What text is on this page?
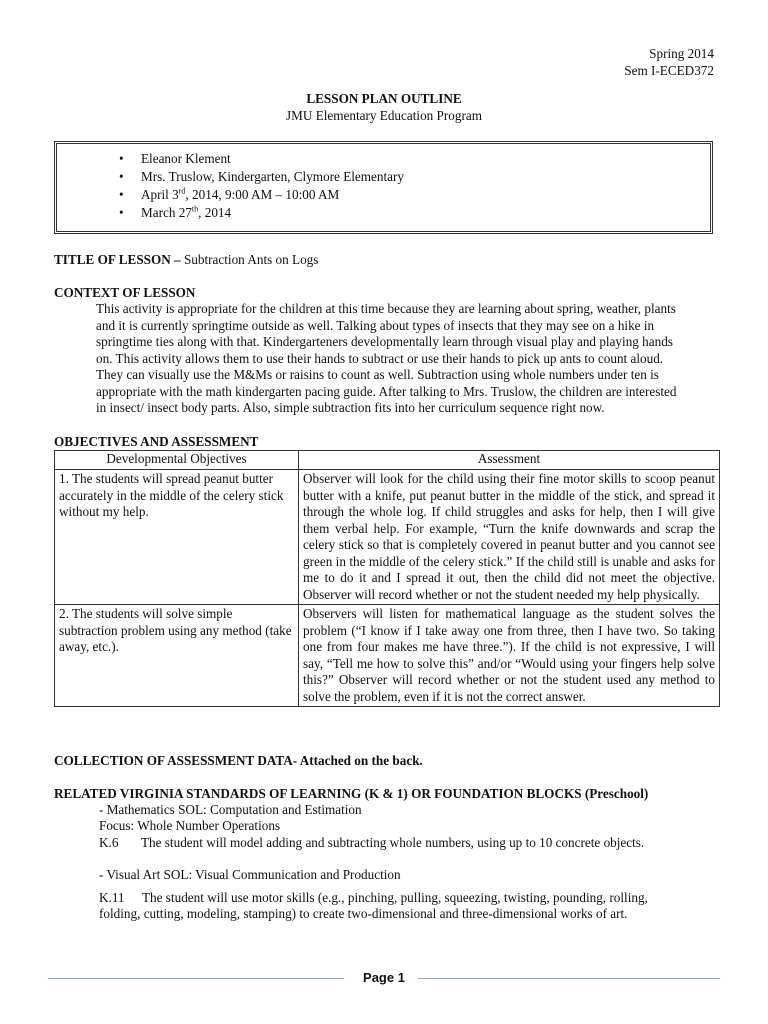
Spring 2014
Sem I-ECED372
LESSON PLAN OUTLINE
JMU Elementary Education Program
• Eleanor Klement
• Mrs. Truslow, Kindergarten, Clymore Elementary
• April 3rd, 2014, 9:00 AM – 10:00 AM
• March 27th, 2014
TITLE OF LESSON – Subtraction Ants on Logs
CONTEXT OF LESSON
This activity is appropriate for the children at this time because they are learning about spring, weather, plants
and it is currently springtime outside as well. Talking about types of insects that they may see on a hike in
springtime ties along with that. Kindergarteners developmentally learn through visual play and playing hands
on. This activity allows them to use their hands to subtract or use their hands to pick up ants to count aloud.
They can visually use the M&Ms or raisins to count as well. Subtraction using whole numbers under ten is
appropriate with the math kindergarten pacing guide. After talking to Mrs. Truslow, the children are interested
in insect/ insect body parts. Also, simple subtraction fits into her curriculum sequence right now.
OBJECTIVES AND ASSESSMENT
Developmental Objectives	Assessment
1. The students will spread peanut butter accurately in the middle of the celery stick without my help.	Observer will look for the child using their fine motor skills to scoop peanut butter with a knife, put peanut butter in the middle of the stick, and spread it through the whole log. If child struggles and asks for help, then I will give them verbal help. For example, “Turn the knife downwards and scrap the celery stick so that is completely covered in peanut butter and you cannot see green in the middle of the celery stick.” If the child still is unable and asks for me to do it and I spread it out, then the child did not meet the objective. Observer will record whether or not the student needed my help physically.
2. The students will solve simple subtraction problem using any method (take away, etc.).	Observers will listen for mathematical language as the student solves the problem (“I know if I take away one from three, then I have two. So taking one from four makes me have three.”). If the child is not expressive, I will say, “Tell me how to solve this” and/or “Would using your fingers help solve this?” Observer will record whether or not the student used any method to solve the problem, even if it is not the correct answer.
COLLECTION OF ASSESSMENT DATA- Attached on the back.
RELATED VIRGINIA STANDARDS OF LEARNING (K & 1) OR FOUNDATION BLOCKS (Preschool)
- Mathematics SOL: Computation and Estimation
Focus: Whole Number Operations
K.6 The student will model adding and subtracting whole numbers, using up to 10 concrete objects.
- Visual Art SOL: Visual Communication and Production
K.11 The student will use motor skills (e.g., pinching, pulling, squeezing, twisting, pounding, rolling,
folding, cutting, modeling, stamping) to create two-dimensional and three-dimensional works of art.
Page 1
